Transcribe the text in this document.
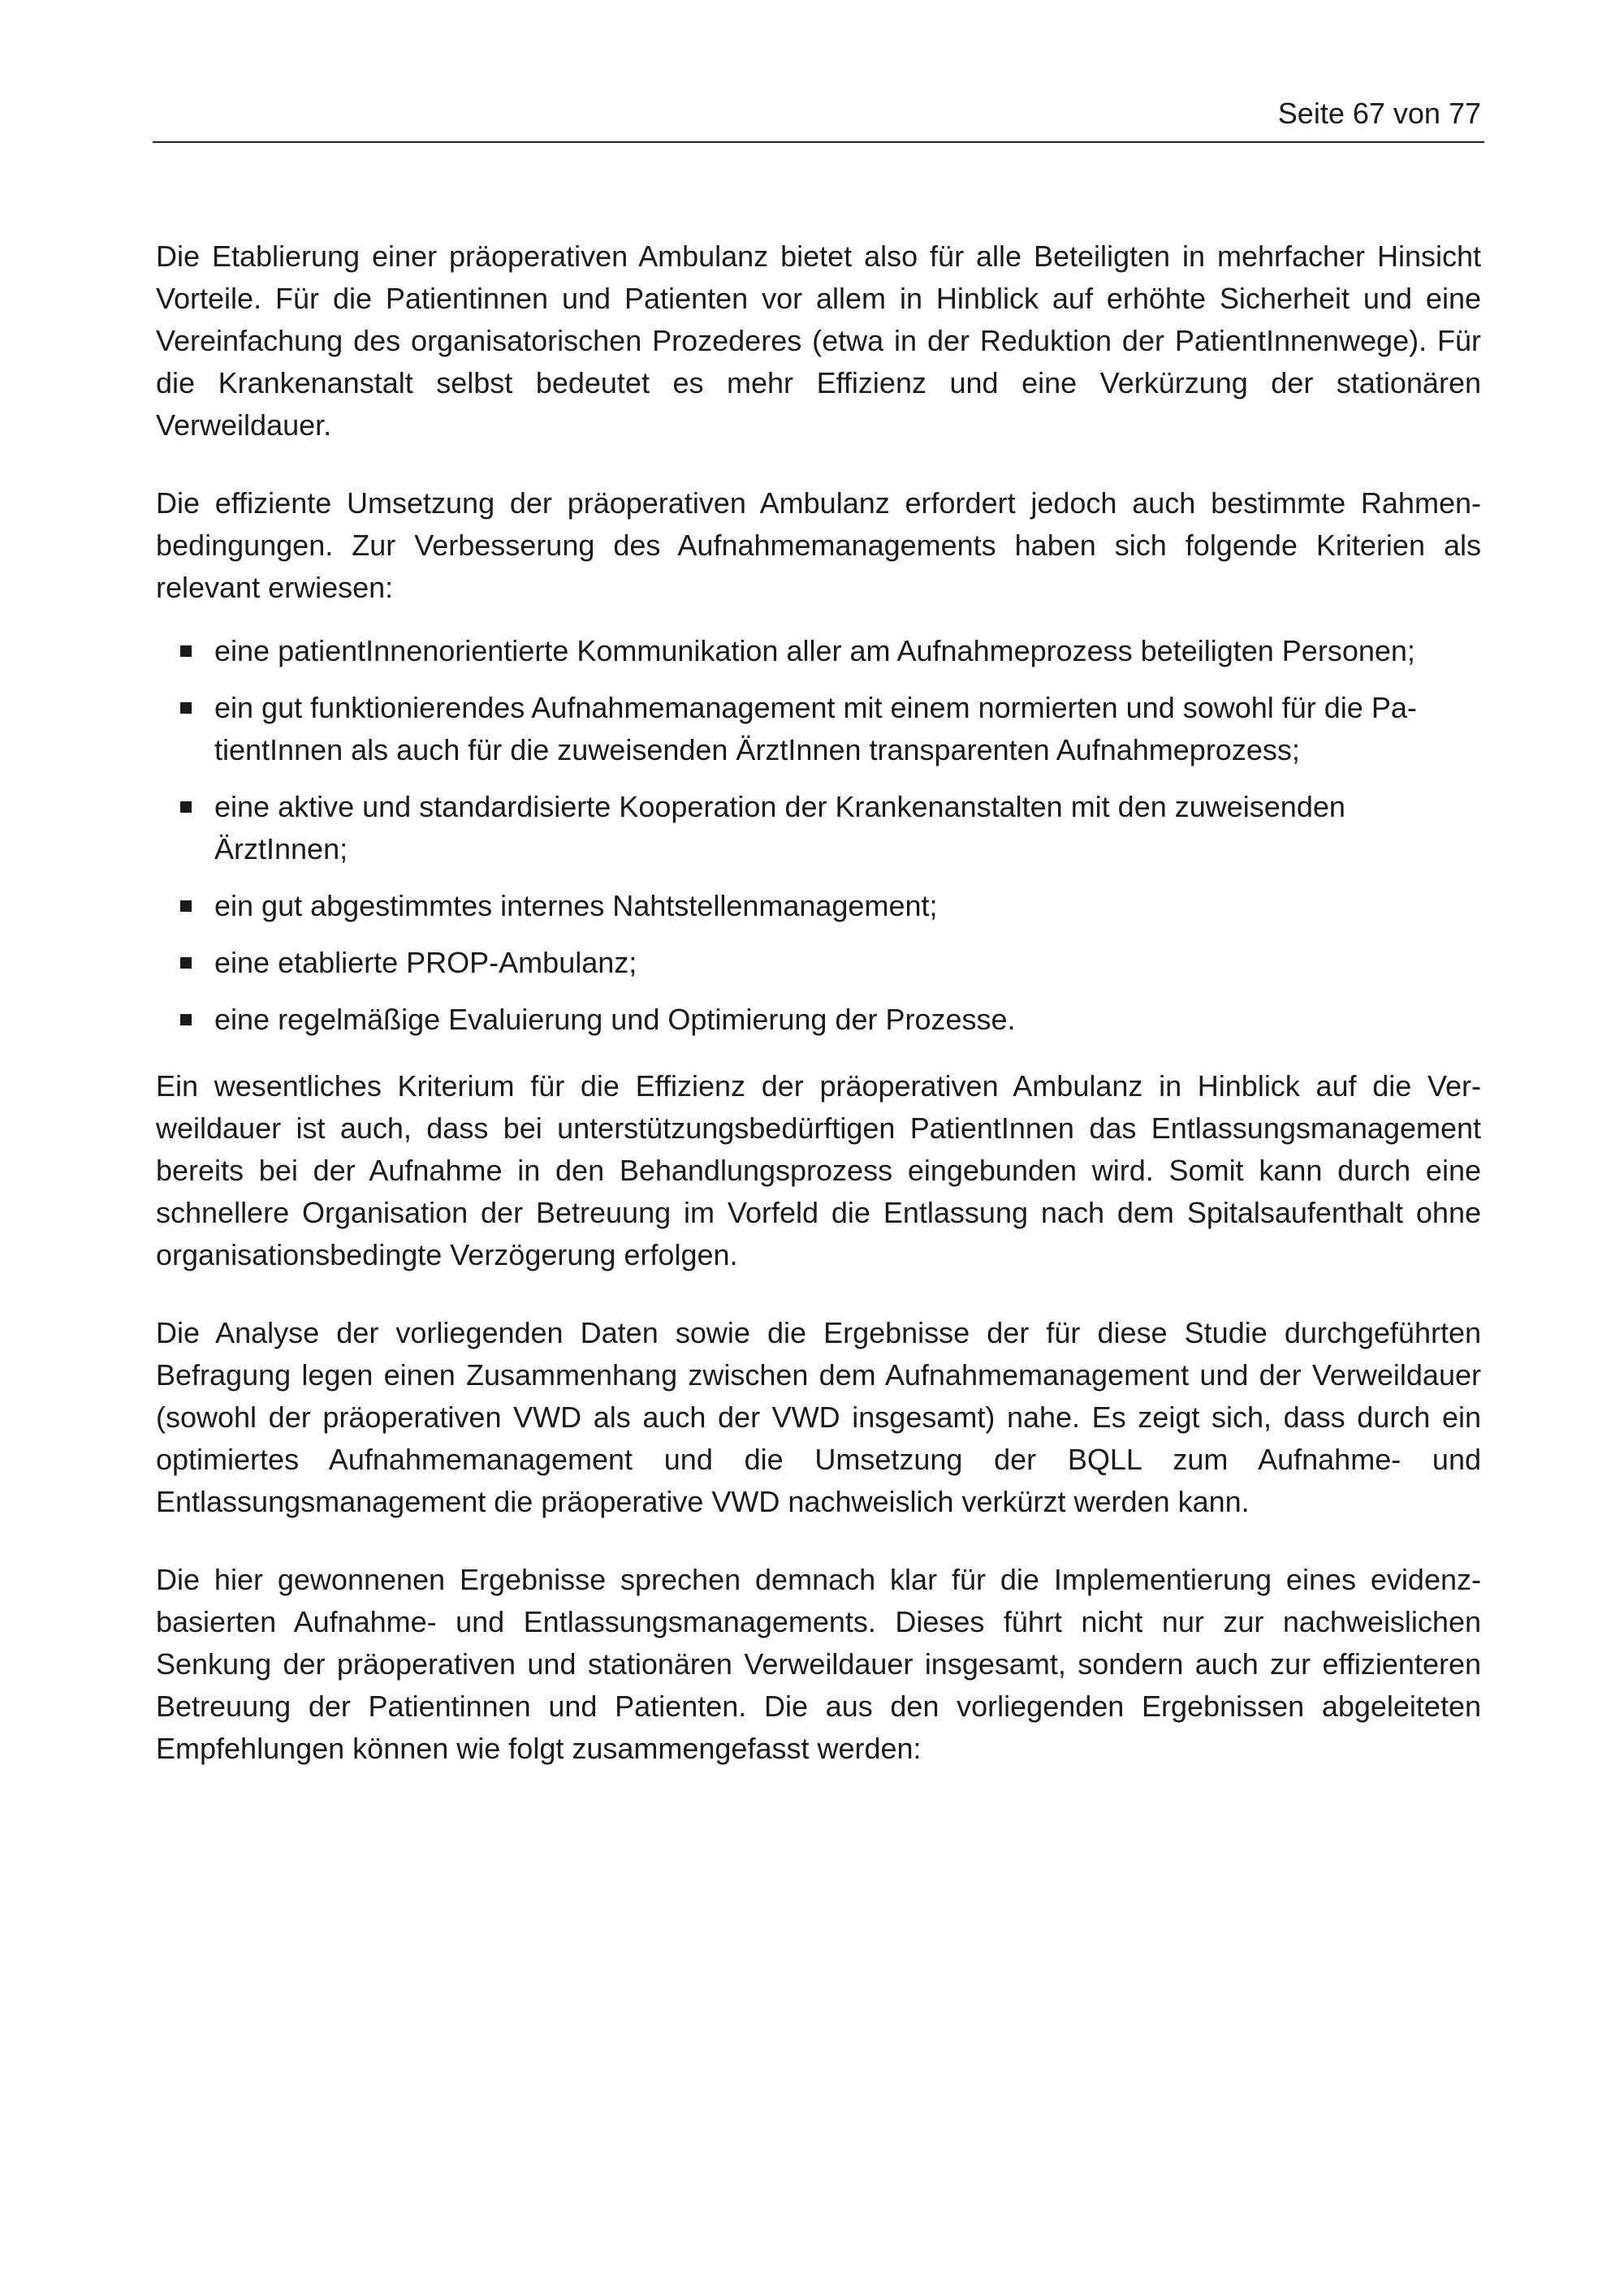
Seite 67 von 77

Die Etablierung einer präoperativen Ambulanz bietet also für alle Beteiligten in mehrfacher Hinsicht Vorteile. Für die Patientinnen und Patienten vor allem in Hinblick auf erhöhte Sicherheit und eine Vereinfachung des organisatorischen Prozederes (etwa in der Reduktion der PatientInnenwege). Für die Krankenanstalt selbst bedeutet es mehr Effizienz und eine Verkürzung der stationären Verweildauer.

Die effiziente Umsetzung der präoperativen Ambulanz erfordert jedoch auch bestimmte Rahmenbedingungen. Zur Verbesserung des Aufnahmemanagements haben sich folgende Kriterien als relevant erwiesen:

eine patientInnenorientierte Kommunikation aller am Aufnahmeprozess beteiligten Personen;
ein gut funktionierendes Aufnahmemanagement mit einem normierten und sowohl für die PatientInnen als auch für die zuweisenden ÄrztInnen transparenten Aufnahmeprozess;
eine aktive und standardisierte Kooperation der Krankenanstalten mit den zuweisenden ÄrztInnen;
ein gut abgestimmtes internes Nahtstellenmanagement;
eine etablierte PROP-Ambulanz;
eine regelmäßige Evaluierung und Optimierung der Prozesse.

Ein wesentliches Kriterium für die Effizienz der präoperativen Ambulanz in Hinblick auf die Verweildauer ist auch, dass bei unterstützungsbedürftigen PatientInnen das Entlassungsmanagement bereits bei der Aufnahme in den Behandlungsprozess eingebunden wird. Somit kann durch eine schnellere Organisation der Betreuung im Vorfeld die Entlassung nach dem Spitalsaufenthalt ohne organisationsbedingte Verzögerung erfolgen.

Die Analyse der vorliegenden Daten sowie die Ergebnisse der für diese Studie durchgeführten Befragung legen einen Zusammenhang zwischen dem Aufnahmemanagement und der Verweildauer (sowohl der präoperativen VWD als auch der VWD insgesamt) nahe. Es zeigt sich, dass durch ein optimiertes Aufnahmemanagement und die Umsetzung der BQLL zum Aufnahme- und Entlassungsmanagement die präoperative VWD nachweislich verkürzt werden kann.

Die hier gewonnenen Ergebnisse sprechen demnach klar für die Implementierung eines evidenzbasierten Aufnahme- und Entlassungsmanagements. Dieses führt nicht nur zur nachweislichen Senkung der präoperativen und stationären Verweildauer insgesamt, sondern auch zur effizienteren Betreuung der Patientinnen und Patienten. Die aus den vorliegenden Ergebnissen abgeleiteten Empfehlungen können wie folgt zusammengefasst werden:
